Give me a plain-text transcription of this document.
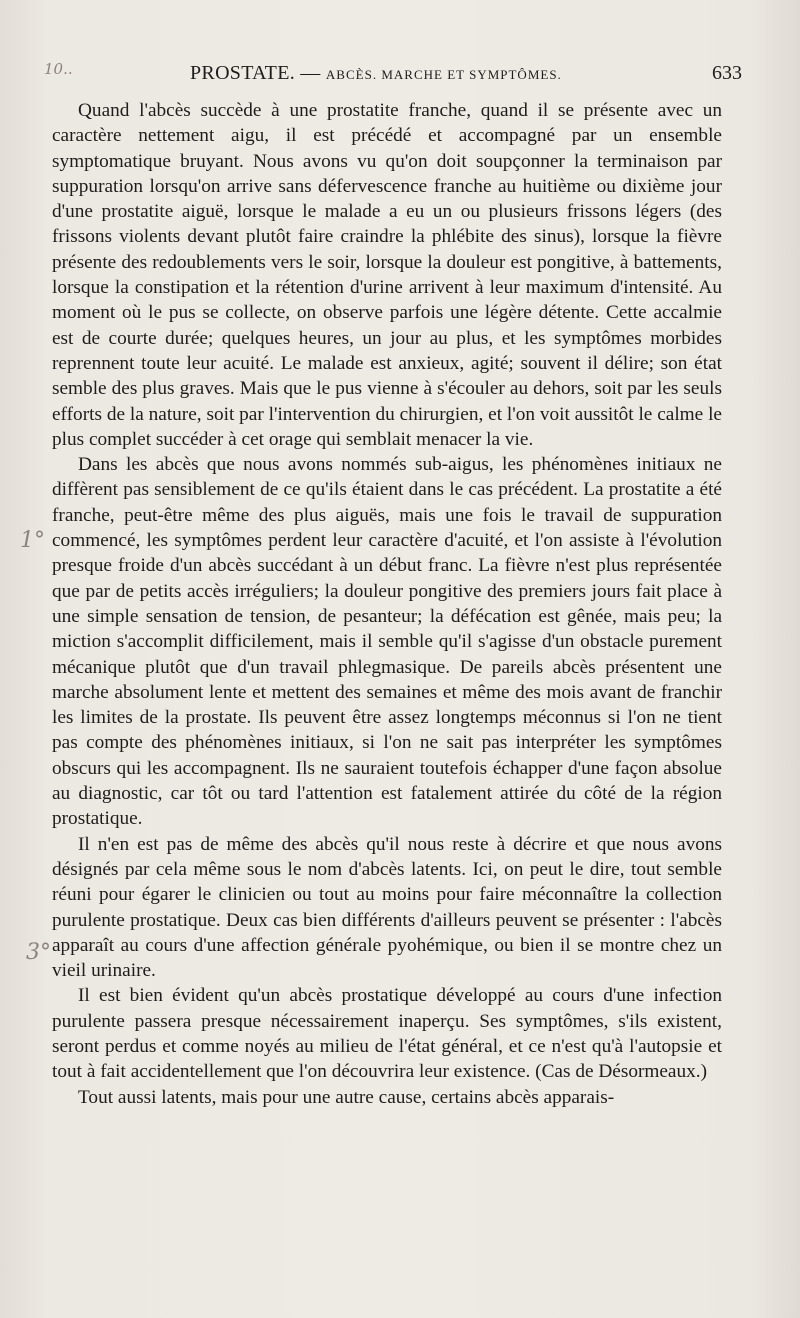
10..
1°
3°
PROSTATE. — ABCÈS. MARCHE ET SYMPTÔMES.	633

Quand l'abcès succède à une prostatite franche, quand il se présente avec un caractère nettement aigu, il est précédé et accompagné par un ensemble symptomatique bruyant. Nous avons vu qu'on doit soupçonner la terminaison par suppuration lorsqu'on arrive sans défervescence franche au huitième ou dixième jour d'une prostatite aiguë, lorsque le malade a eu un ou plusieurs frissons légers (des frissons violents devant plutôt faire craindre la phlébite des sinus), lorsque la fièvre présente des redoublements vers le soir, lorsque la douleur est pongitive, à battements, lorsque la constipation et la rétention d'urine arrivent à leur maximum d'intensité. Au moment où le pus se collecte, on observe parfois une légère détente. Cette accalmie est de courte durée; quelques heures, un jour au plus, et les symptômes morbides reprennent toute leur acuité. Le malade est anxieux, agité; souvent il délire; son état semble des plus graves. Mais que le pus vienne à s'écouler au dehors, soit par les seuls efforts de la nature, soit par l'intervention du chirurgien, et l'on voit aussitôt le calme le plus complet succéder à cet orage qui semblait menacer la vie.

Dans les abcès que nous avons nommés sub-aigus, les phénomènes initiaux ne diffèrent pas sensiblement de ce qu'ils étaient dans le cas précédent. La prostatite a été franche, peut-être même des plus aiguës, mais une fois le travail de suppuration commencé, les symptômes perdent leur caractère d'acuité, et l'on assiste à l'évolution presque froide d'un abcès succédant à un début franc. La fièvre n'est plus représentée que par de petits accès irréguliers; la douleur pongitive des premiers jours fait place à une simple sensation de tension, de pesanteur; la défécation est gênée, mais peu; la miction s'accomplit difficilement, mais il semble qu'il s'agisse d'un obstacle purement mécanique plutôt que d'un travail phlegmasique. De pareils abcès présentent une marche absolument lente et mettent des semaines et même des mois avant de franchir les limites de la prostate. Ils peuvent être assez longtemps méconnus si l'on ne tient pas compte des phénomènes initiaux, si l'on ne sait pas interpréter les symptômes obscurs qui les accompagnent. Ils ne sauraient toutefois échapper d'une façon absolue au diagnostic, car tôt ou tard l'attention est fatalement attirée du côté de la région prostatique.

Il n'en est pas de même des abcès qu'il nous reste à décrire et que nous avons désignés par cela même sous le nom d'abcès latents. Ici, on peut le dire, tout semble réuni pour égarer le clinicien ou tout au moins pour faire méconnaître la collection purulente prostatique. Deux cas bien différents d'ailleurs peuvent se présenter : l'abcès apparaît au cours d'une affection générale pyohémique, ou bien il se montre chez un vieil urinaire.

Il est bien évident qu'un abcès prostatique développé au cours d'une infection purulente passera presque nécessairement inaperçu. Ses symptômes, s'ils existent, seront perdus et comme noyés au milieu de l'état général, et ce n'est qu'à l'autopsie et tout à fait accidentellement que l'on découvrira leur existence. (Cas de Désormeaux.)

Tout aussi latents, mais pour une autre cause, certains abcès apparais-
